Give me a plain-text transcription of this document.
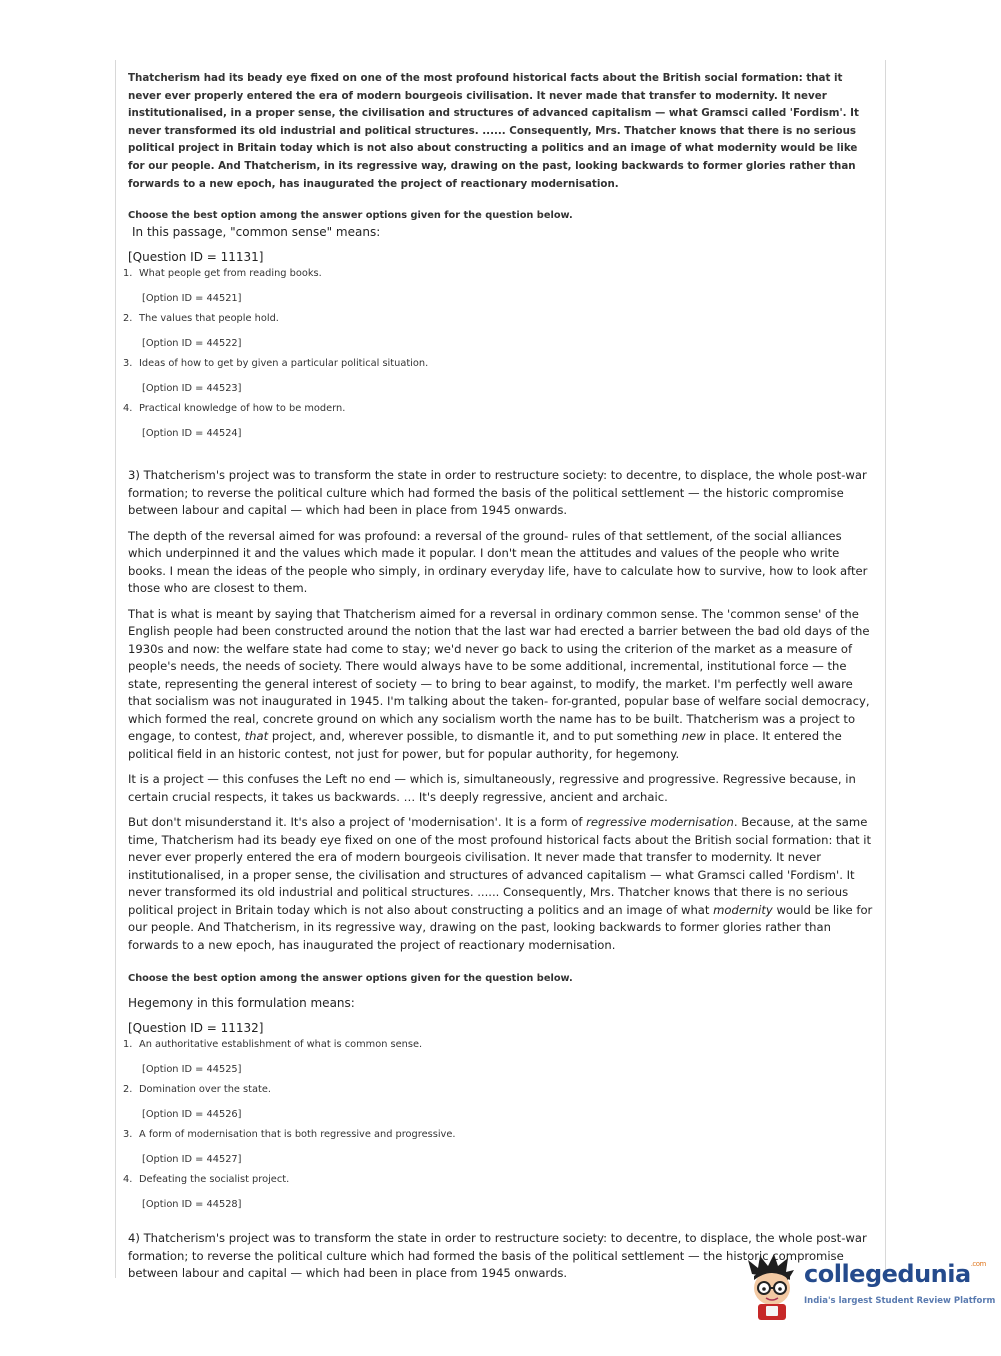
Thatcherism had its beady eye fixed on one of the most profound historical facts about the British social formation: that it never ever properly entered the era of modern bourgeois civilisation. It never made that transfer to modernity. It never institutionalised, in a proper sense, the civilisation and structures of advanced capitalism — what Gramsci called 'Fordism'. It never transformed its old industrial and political structures. ...... Consequently, Mrs. Thatcher knows that there is no serious political project in Britain today which is not also about constructing a politics and an image of what modernity would be like for our people. And Thatcherism, in its regressive way, drawing on the past, looking backwards to former glories rather than forwards to a new epoch, has inaugurated the project of reactionary modernisation.

Choose the best option among the answer options given for the question below.

In this passage, "common sense" means:

[Question ID = 11131]

1. What people get from reading books.
[Option ID = 44521]
2. The values that people hold.
[Option ID = 44522]
3. Ideas of how to get by given a particular political situation.
[Option ID = 44523]
4. Practical knowledge of how to be modern.
[Option ID = 44524]

3) Thatcherism's project was to transform the state in order to restructure society: to decentre, to displace, the whole post-war formation; to reverse the political culture which had formed the basis of the political settlement — the historic compromise between labour and capital — which had been in place from 1945 onwards.

The depth of the reversal aimed for was profound: a reversal of the ground- rules of that settlement, of the social alliances which underpinned it and the values which made it popular. I don't mean the attitudes and values of the people who write books. I mean the ideas of the people who simply, in ordinary everyday life, have to calculate how to survive, how to look after those who are closest to them.

That is what is meant by saying that Thatcherism aimed for a reversal in ordinary common sense. The 'common sense' of the English people had been constructed around the notion that the last war had erected a barrier between the bad old days of the 1930s and now: the welfare state had come to stay; we'd never go back to using the criterion of the market as a measure of people's needs, the needs of society. There would always have to be some additional, incremental, institutional force — the state, representing the general interest of society — to bring to bear against, to modify, the market. I'm perfectly well aware that socialism was not inaugurated in 1945. I'm talking about the taken- for-granted, popular base of welfare social democracy, which formed the real, concrete ground on which any socialism worth the name has to be built. Thatcherism was a project to engage, to contest, that project, and, wherever possible, to dismantle it, and to put something new in place. It entered the political field in an historic contest, not just for power, but for popular authority, for hegemony.

It is a project — this confuses the Left no end — which is, simultaneously, regressive and progressive. Regressive because, in certain crucial respects, it takes us backwards. … It's deeply regressive, ancient and archaic.

But don't misunderstand it. It's also a project of 'modernisation'. It is a form of regressive modernisation. Because, at the same time, Thatcherism had its beady eye fixed on one of the most profound historical facts about the British social formation: that it never ever properly entered the era of modern bourgeois civilisation. It never made that transfer to modernity. It never institutionalised, in a proper sense, the civilisation and structures of advanced capitalism — what Gramsci called 'Fordism'. It never transformed its old industrial and political structures. ...... Consequently, Mrs. Thatcher knows that there is no serious political project in Britain today which is not also about constructing a politics and an image of what modernity would be like for our people. And Thatcherism, in its regressive way, drawing on the past, looking backwards to former glories rather than forwards to a new epoch, has inaugurated the project of reactionary modernisation.

Choose the best option among the answer options given for the question below.

Hegemony in this formulation means:

[Question ID = 11132]

1. An authoritative establishment of what is common sense.
[Option ID = 44525]
2. Domination over the state.
[Option ID = 44526]
3. A form of modernisation that is both regressive and progressive.
[Option ID = 44527]
4. Defeating the socialist project.
[Option ID = 44528]

4) Thatcherism's project was to transform the state in order to restructure society: to decentre, to displace, the whole post-war formation; to reverse the political culture which had formed the basis of the political settlement — the historic compromise between labour and capital — which had been in place from 1945 onwards.	collegedunia$^{.com}$
India's largest Student Review Platform
